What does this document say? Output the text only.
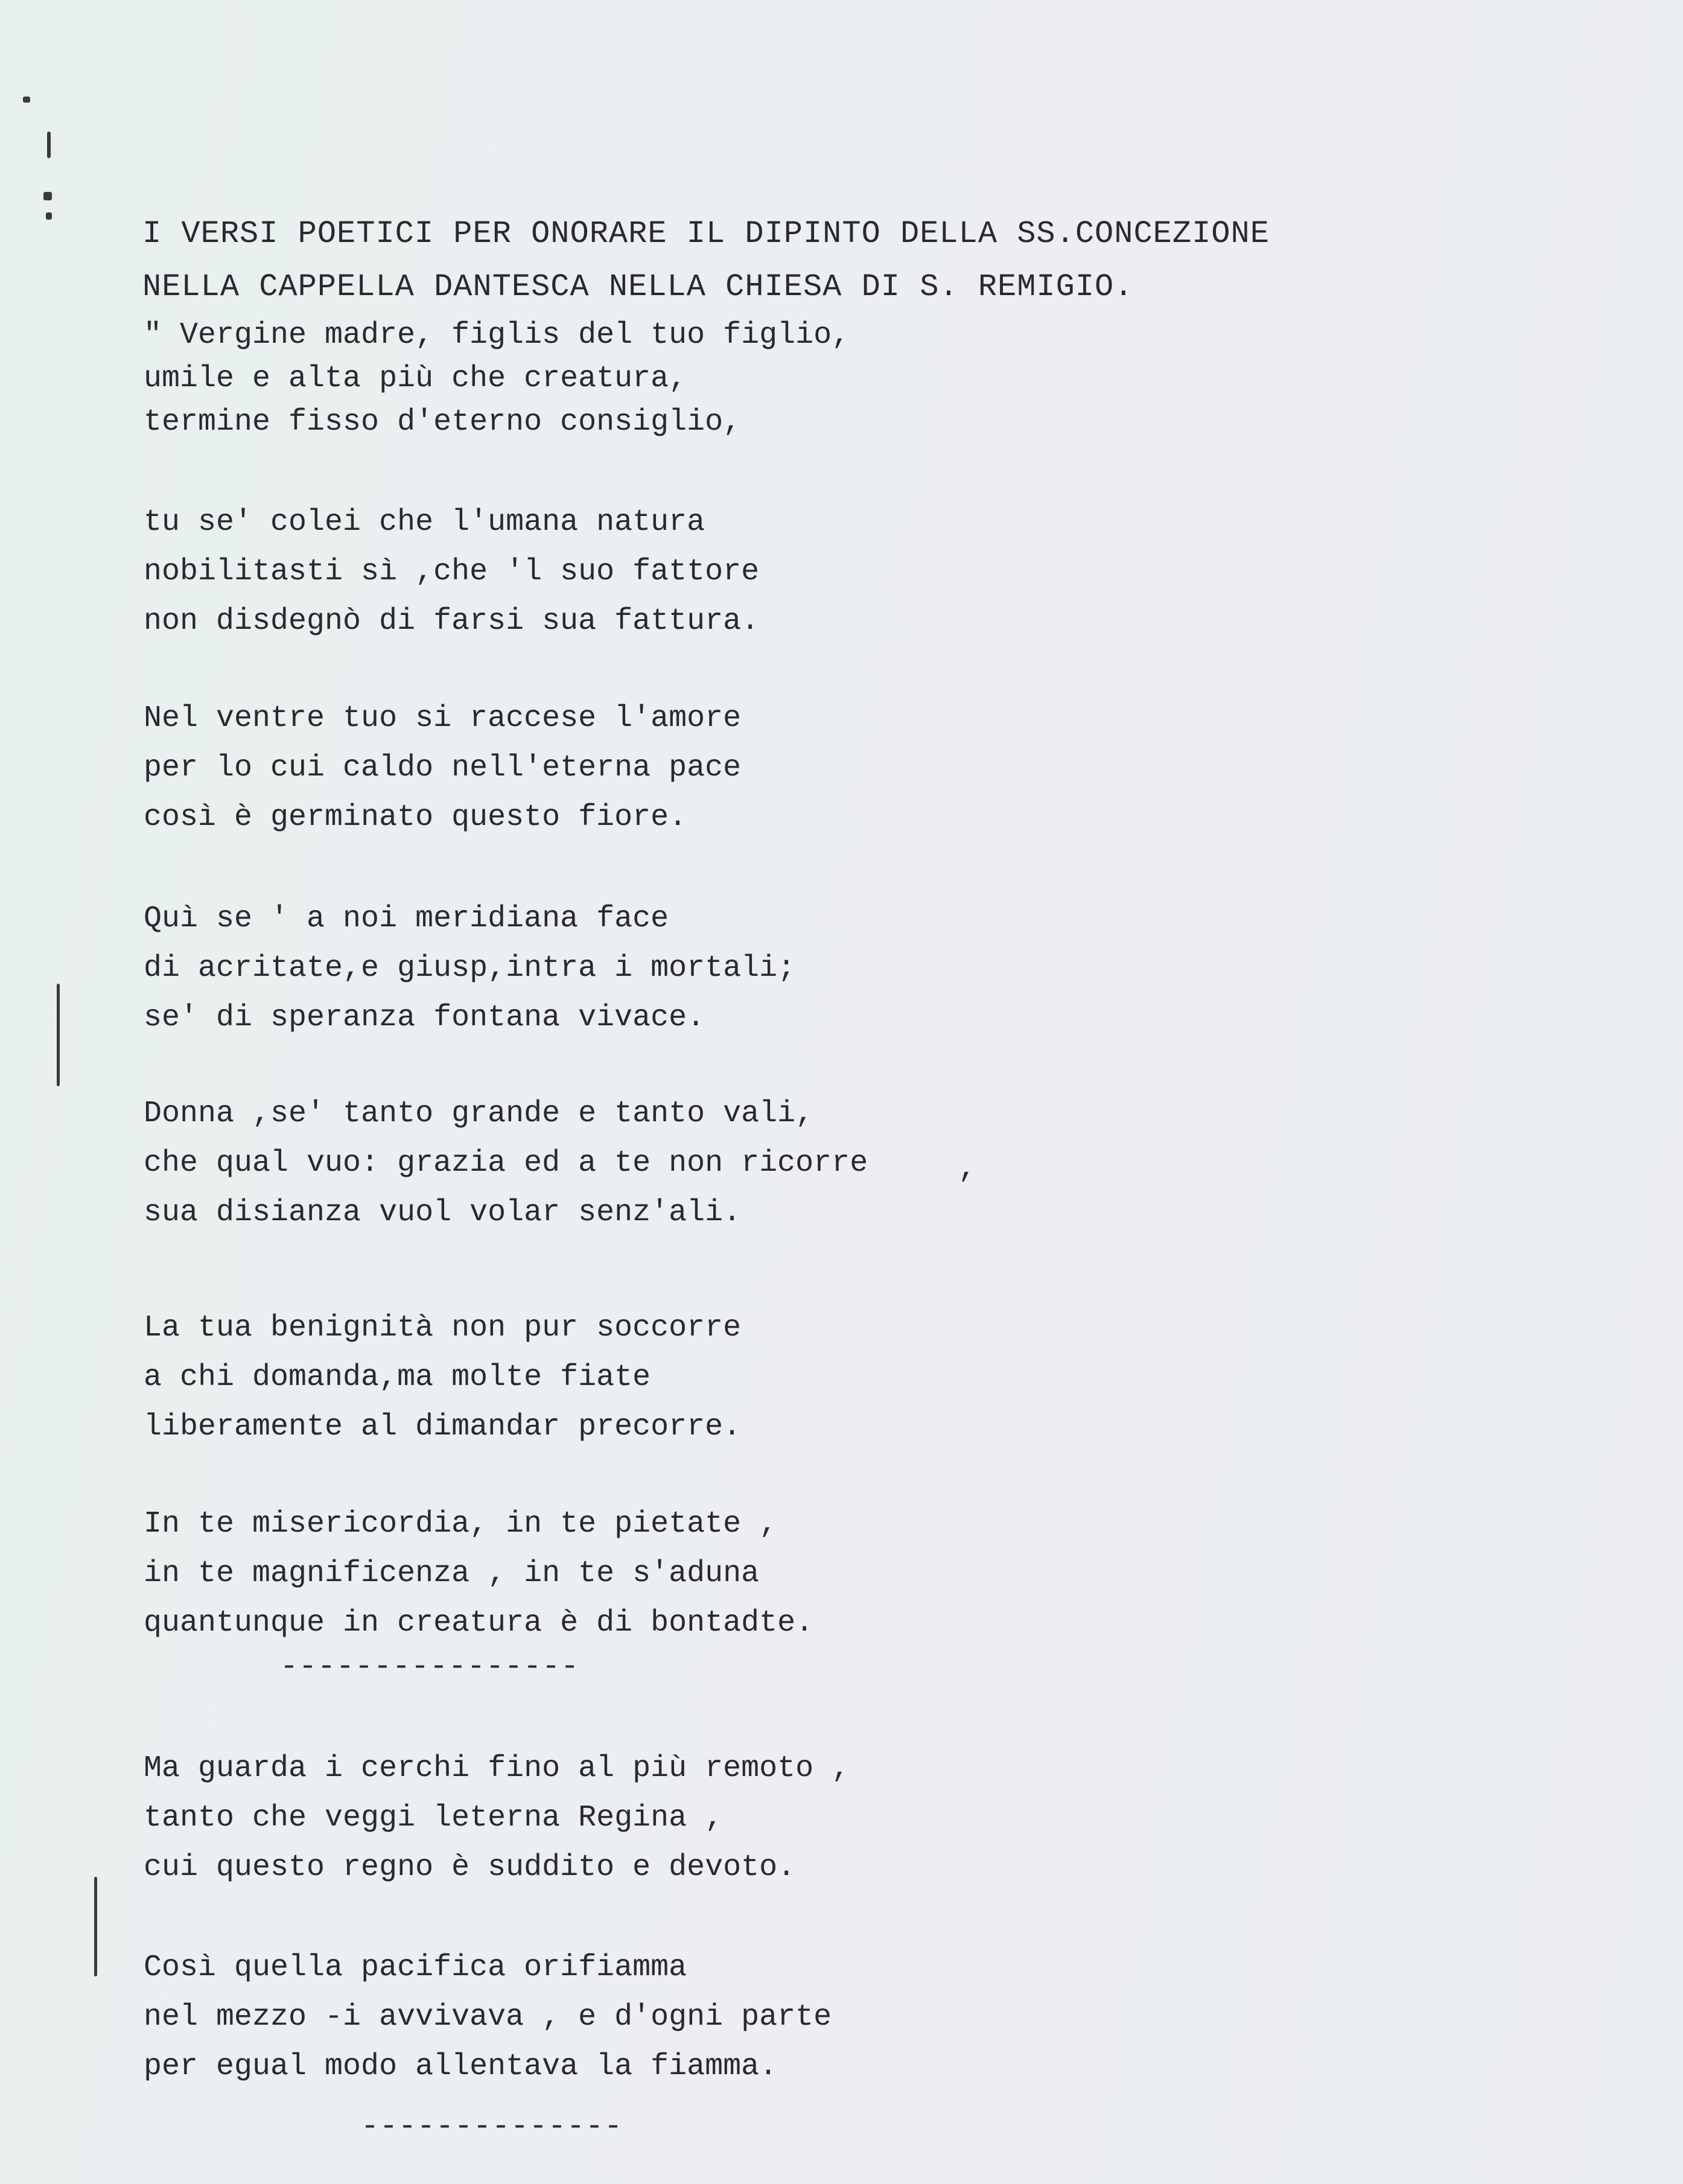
I VERSI POETICI PER ONORARE IL DIPINTO DELLA SS.CONCEZIONE
NELLA CAPPELLA DANTESCA NELLA CHIESA DI S. REMIGIO.
" Vergine madre, figlis del tuo figlio,
umile e alta più che creatura,
termine fisso d'eterno consiglio,
tu se' colei che l'umana natura
nobilitasti sì ,che 'l suo fattore
non disdegnò di farsi sua fattura.
Nel ventre tuo si raccese l'amore
per lo cui caldo nell'eterna pace
così è germinato questo fiore.
Quì se ' a noi meridiana face
di acritate,e giusp,intra i mortali;
se' di speranza fontana vivace.
Donna ,se' tanto grande e tanto vali,
che qual vuo: grazia ed a te non ricorre
sua disianza vuol volar senz'ali.
,
La tua benignità non pur soccorre
a chi domanda,ma molte fiate
liberamente al dimandar precorre.
In te misericordia, in te pietate ,
in te magnificenza , in te s'aduna
quantunque in creatura è di bontadte.
----------------
Ma guarda i cerchi fino al più remoto ,
tanto che veggi leterna Regina ,
cui questo regno è suddito e devoto.
Così quella pacifica orifiamma
nel mezzo -i avvivava , e d'ogni parte
per egual modo allentava la fiamma.
--------------
